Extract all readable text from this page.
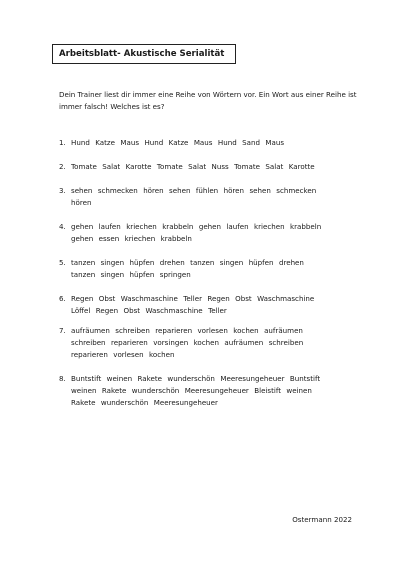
Arbeitsblatt- Akustische Serialität
Dein Trainer liest dir immer eine Reihe von Wörtern vor. Ein Wort aus einer Reihe ist immer falsch! Welches ist es?
1. Hund Katze Maus Hund Katze Maus Hund Sand Maus
2. Tomate Salat Karotte Tomate Salat Nuss Tomate Salat Karotte
3. sehen schmecken hören sehen fühlen hören sehen schmecken
hören
4. gehen laufen kriechen krabbeln gehen laufen kriechen krabbeln
gehen essen kriechen krabbeln
5. tanzen singen hüpfen drehen tanzen singen hüpfen drehen
tanzen singen hüpfen springen
6. Regen Obst Waschmaschine Teller Regen Obst Waschmaschine
Löffel Regen Obst Waschmaschine Teller
7. aufräumen schreiben reparieren vorlesen kochen aufräumen
schreiben reparieren vorsingen kochen aufräumen schreiben
reparieren vorlesen kochen
8. Buntstift weinen Rakete wunderschön Meeresungeheuer Buntstift
weinen Rakete wunderschön Meeresungeheuer Bleistift weinen
Rakete wunderschön Meeresungeheuer
Ostermann 2022
